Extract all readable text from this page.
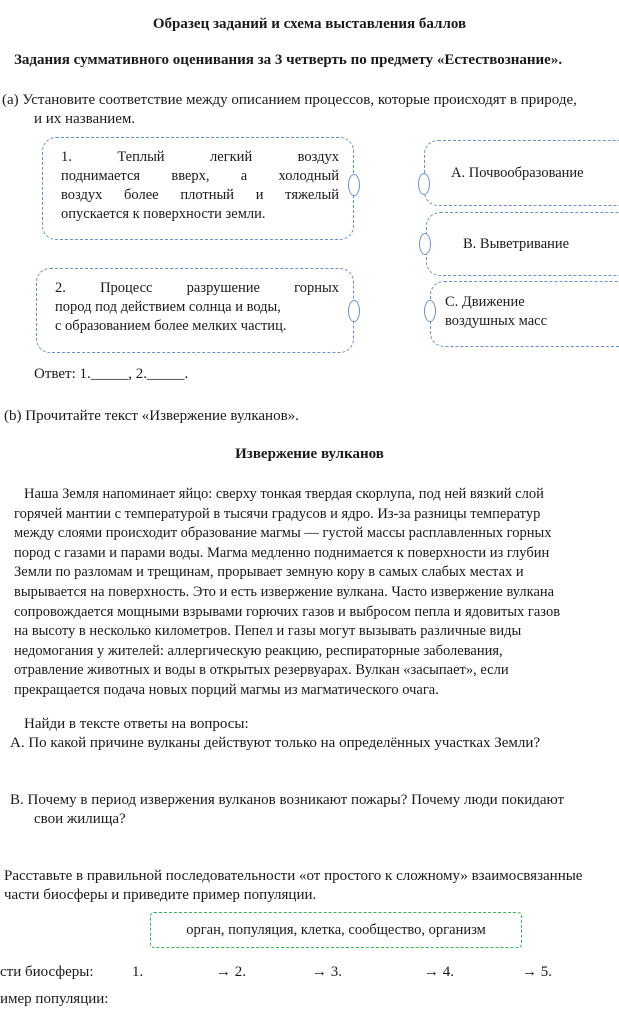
Образец заданий и схема выставления баллов
Задания суммативного оценивания за 3 четверть по предмету «Естествознание».
(a) Установите соответствие между описанием процессов, которые происходят в природе,
и их названием.
1. Теплый легкий воздух
поднимается вверх, а холодный
воздух более плотный и тяжелый
опускается к поверхности земли.
2. Процесс разрушение горных
пород под действием солнца и воды,
с образованием более мелких частиц.
А. Почвообразование
В. Выветривание
С. Движение
воздушных масс
Ответ: 1._____, 2._____.
(b) Прочитайте текст «Извержение вулканов».
Извержение вулканов
Наша Земля напоминает яйцо: сверху тонкая твердая скорлупа, под ней вязкий слой
горячей мантии с температурой в тысячи градусов и ядро. Из-за разницы температур
между слоями происходит образование магмы — густой массы расплавленных горных
пород с газами и парами воды. Магма медленно поднимается к поверхности из глубин
Земли по разломам и трещинам, прорывает земную кору в самых слабых местах и
вырывается на поверхность. Это и есть извержение вулкана. Часто извержение вулкана
сопровождается мощными взрывами горючих газов и выбросом пепла и ядовитых газов
на высоту в несколько километров. Пепел и газы могут вызывать различные виды
недомогания у жителей: аллергическую реакцию, респираторные заболевания,
отравление животных и воды в открытых резервуарах. Вулкан «засыпает», если
прекращается подача новых порций магмы из магматического очага.
Найди в тексте ответы на вопросы:
A. По какой причине вулканы действуют только на определённых участках Земли?
B. Почему в период извержения вулканов возникают пожары? Почему люди покидают
свои жилища?
Расставьте в правильной последовательности «от простого к сложному» взаимосвязанные
части биосферы и приведите пример популяции.
орган, популяция, клетка, сообщество, организм
сти биосферы:	1.	→ 2.	→ 3.	→ 4.	→ 5.
имер популяции:
